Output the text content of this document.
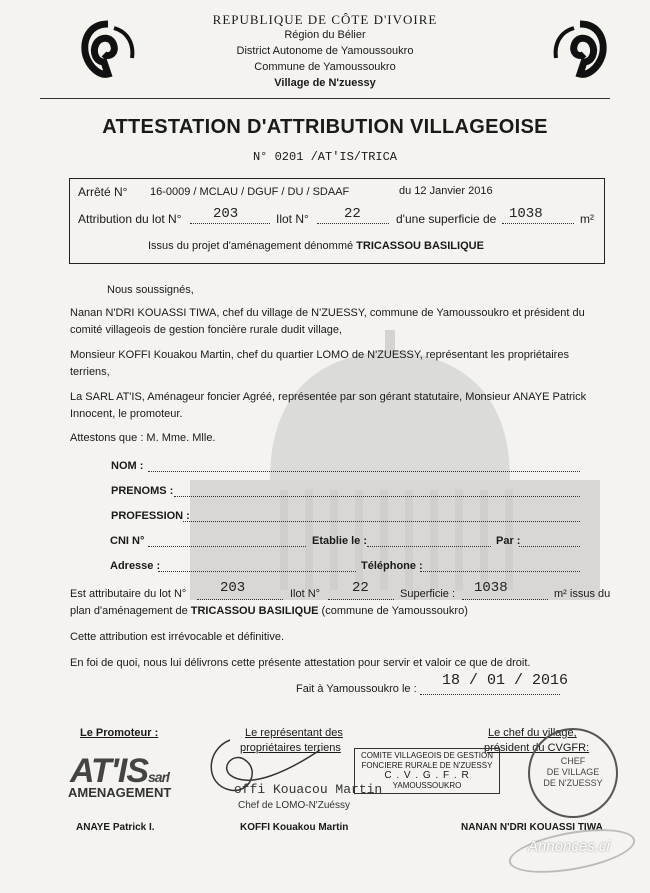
REPUBLIQUE DE CÔTE D'IVOIRE
Région du Bélier
District Autonome de Yamoussoukro
Commune de Yamoussoukro
Village de N'zuessy
ATTESTATION D'ATTRIBUTION VILLAGEOISE
N° 0201 /AT'IS/TRICA
Arrêté N° 16-0009 / MCLAU / DGUF / DU / SDAAF	du 12 Janvier 2016
Attribution du lot N° 203	Ilot N°	22	d'une superficie de 1038	m²
Issus du projet d'aménagement dénommé TRICASSOU BASILIQUE
Nous soussignés,
Nanan N'DRI KOUASSI TIWA, chef du village de N'ZUESSY, commune de Yamoussoukro et président du
comité villageois de gestion foncière rurale dudit village,
Monsieur KOFFI Kouakou Martin, chef du quartier LOMO de N'ZUESSY, représentant les propriétaires
terriens,
La SARL AT'IS, Aménageur foncier Agréé, représentée par son gérant statutaire, Monsieur ANAYE Patrick
Innocent, le promoteur.
Attestons que : M. Mme. Mlle.
NOM :
PRENOMS :
PROFESSION :
CNI N°	Etablie le :	Par :
Adresse :	Téléphone :
Est attributaire du lot N° 203	Ilot N° 22	Superficie : 1038	m² issus du
plan d'aménagement de TRICASSOU BASILIQUE (commune de Yamoussoukro)
Cette attribution est irrévocable et définitive.
En foi de quoi, nous lui délivrons cette présente attestation pour servir et valoir ce que de droit.
Fait à Yamoussoukro le : 18 / 01 / 2016
Le Promoteur :
AT'ISsarl
AMENAGEMENT
ANAYE Patrick I.
Le représentant des
propriétaires terriens
offi Kouacou Martin
Chef de LOMO-N'Zuéssy
KOFFI Kouakou Martin
Le chef du village,
président du CVGFR:
COMITE VILLAGEOIS DE GESTION
FONCIERE RURALE DE N'ZUESSY
C . V . G . F . R
YAMOUSSOUKRO
CHEF
DE VILLAGE
DE N'ZUESSY
NANAN N'DRI KOUASSI TIWA
Annonces.ci
